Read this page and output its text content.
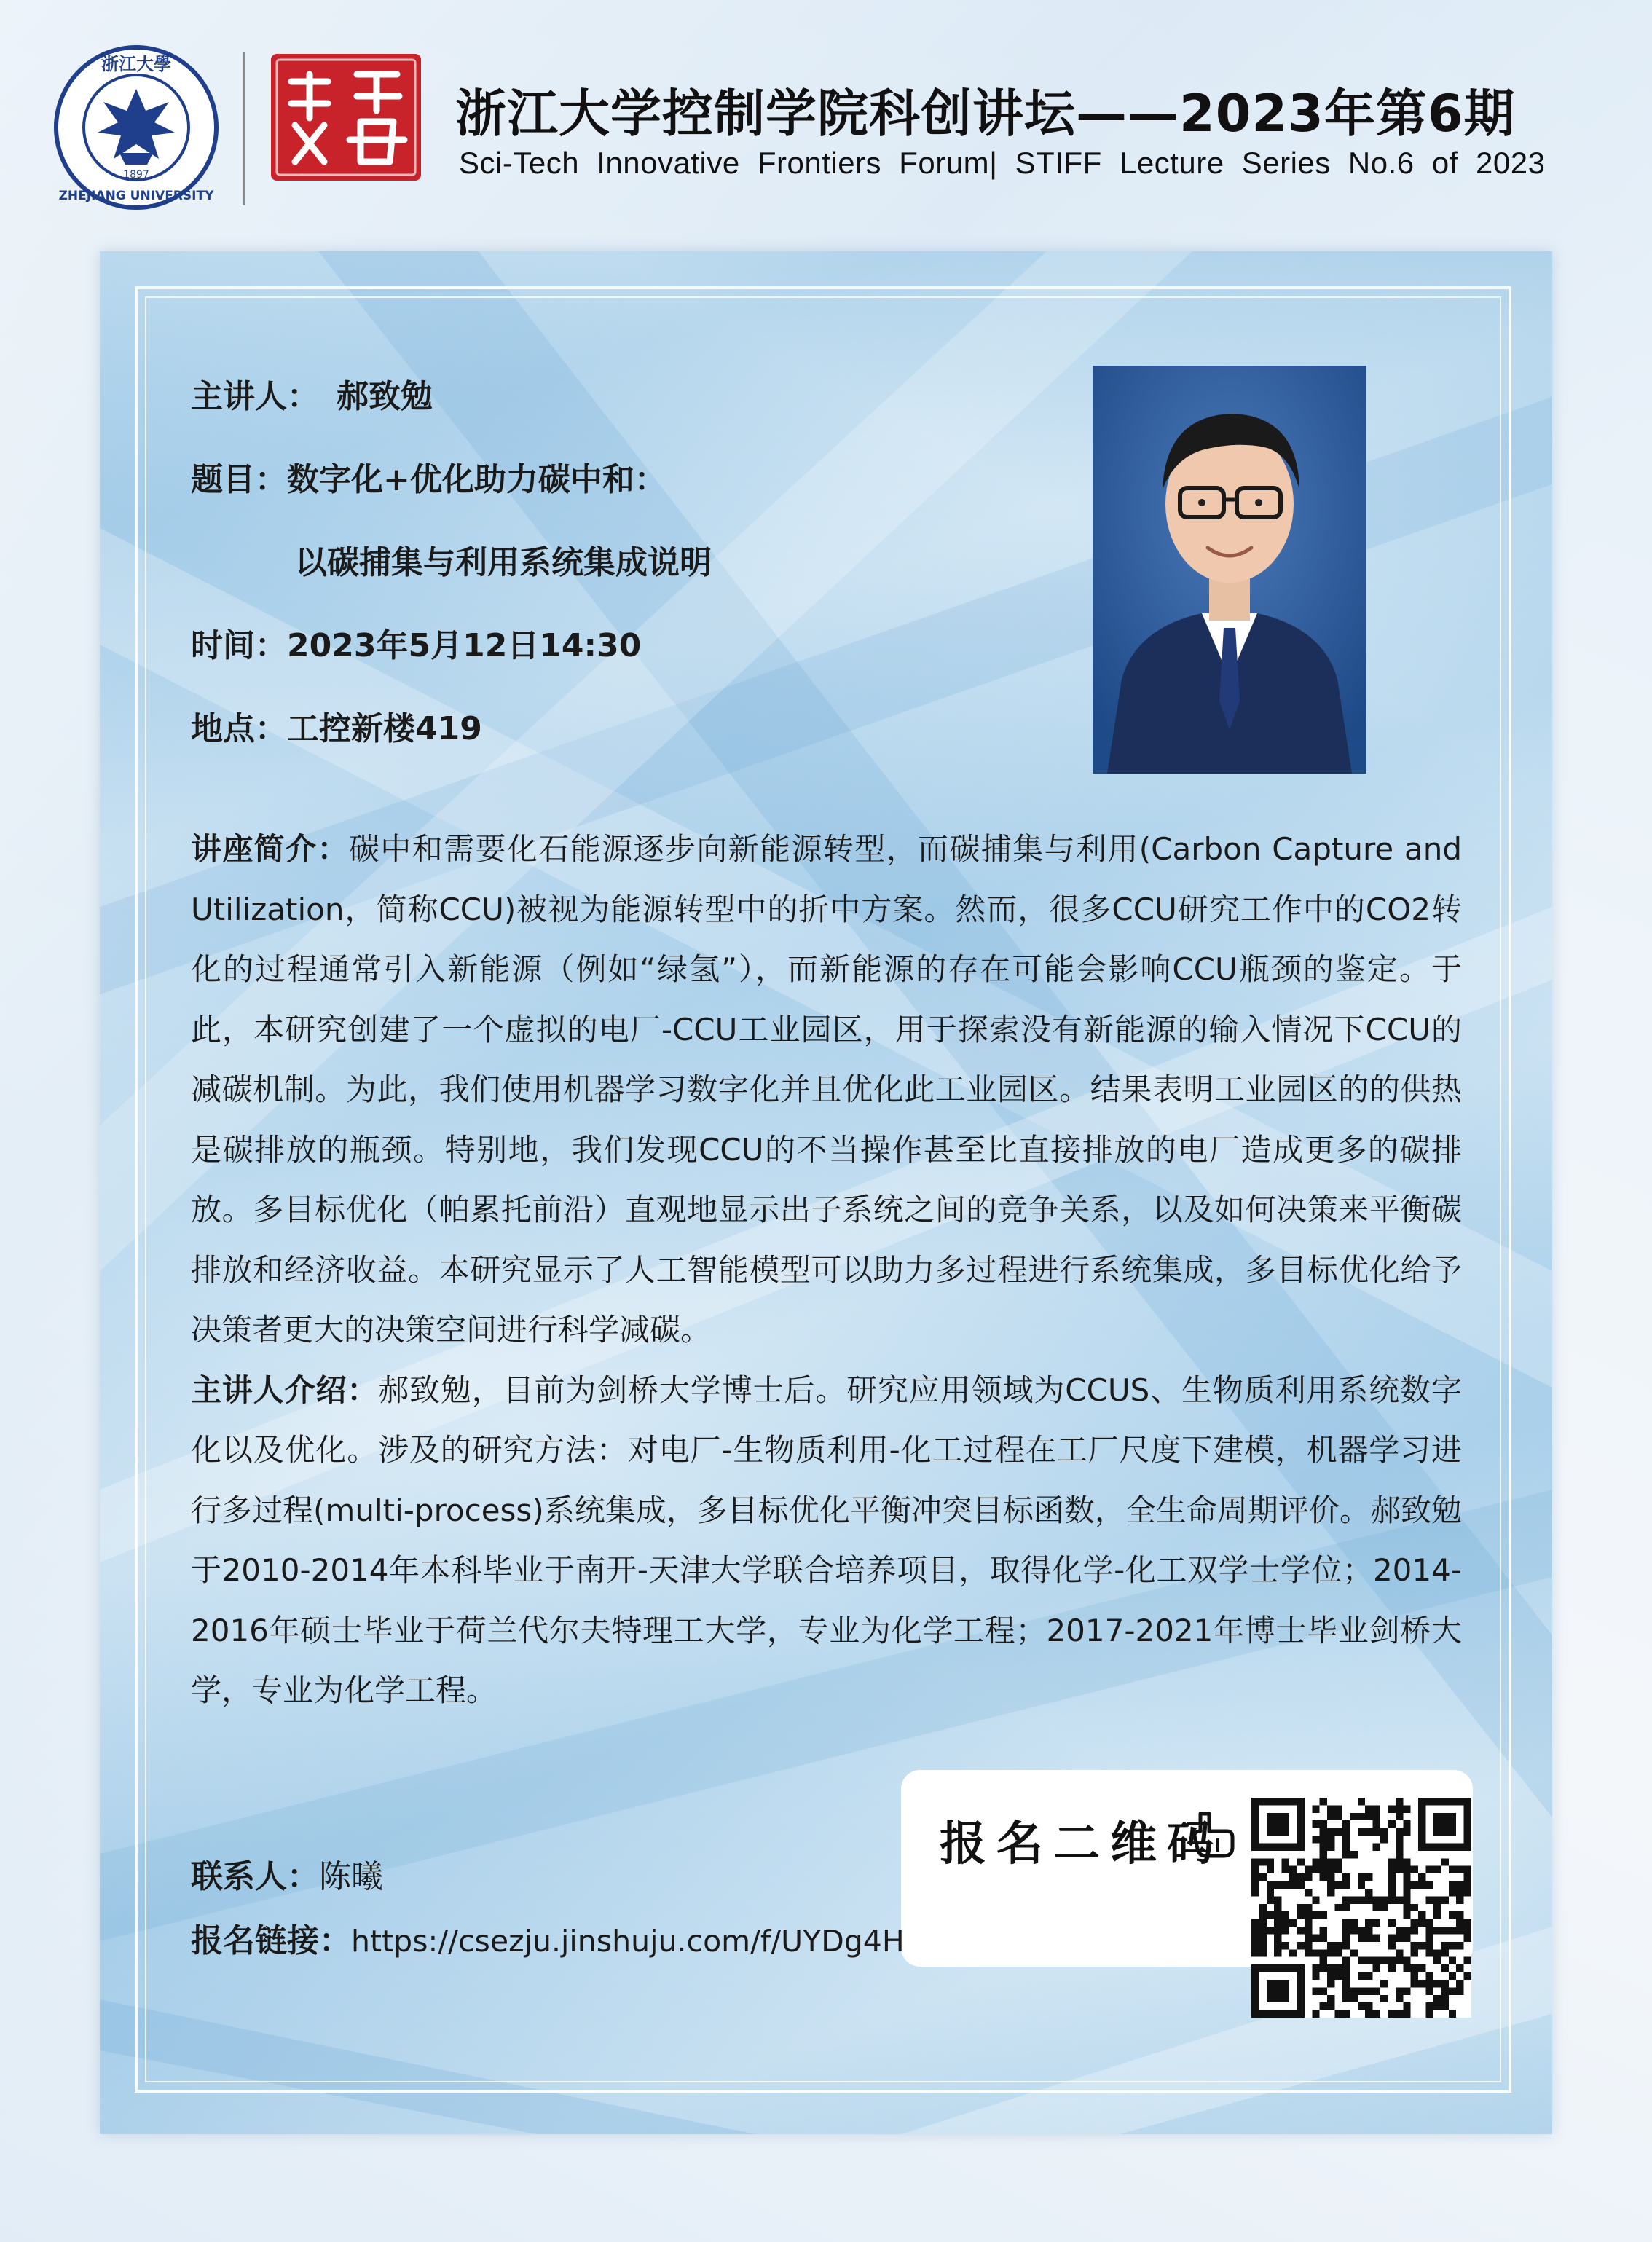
浙江大學
ZHEJIANG UNIVERSITY
1897
浙江大学控制学院科创讲坛——2023年第6期
Sci-Tech Innovative Frontiers Forum| STIFF Lecture Series No.6 of 2023
主讲人： 郝致勉
题目：数字化+优化助力碳中和：
以碳捕集与利用系统集成说明
时间：2023年5月12日14:30
地点：工控新楼419

讲座简介：碳中和需要化石能源逐步向新能源转型，而碳捕集与利用(Carbon Capture and Utilization，简称CCU)被视为能源转型中的折中方案。然而，很多CCU研究工作中的CO2转化的过程通常引入新能源（例如“绿氢”），而新能源的存在可能会影响CCU瓶颈的鉴定。于此，本研究创建了一个虚拟的电厂-CCU工业园区，用于探索没有新能源的输入情况下CCU的减碳机制。为此，我们使用机器学习数字化并且优化此工业园区。结果表明工业园区的的供热是碳排放的瓶颈。特别地，我们发现CCU的不当操作甚至比直接排放的电厂造成更多的碳排放。多目标优化（帕累托前沿）直观地显示出子系统之间的竞争关系，以及如何决策来平衡碳排放和经济收益。本研究显示了人工智能模型可以助力多过程进行系统集成，多目标优化给予决策者更大的决策空间进行科学减碳。

主讲人介绍：郝致勉，目前为剑桥大学博士后。研究应用领域为CCUS、生物质利用系统数字化以及优化。涉及的研究方法：对电厂-生物质利用-化工过程在工厂尺度下建模，机器学习进行多过程(multi-process)系统集成，多目标优化平衡冲突目标函数，全生命周期评价。郝致勉于2010-2014年本科毕业于南开-天津大学联合培养项目，取得化学-化工双学士学位；2014-2016年硕士毕业于荷兰代尔夫特理工大学，专业为化学工程；2017-2021年博士毕业剑桥大学，专业为化学工程。

联系人：陈曦
报名链接：https://csezju.jinshuju.com/f/UYDg4H
报名二维码
